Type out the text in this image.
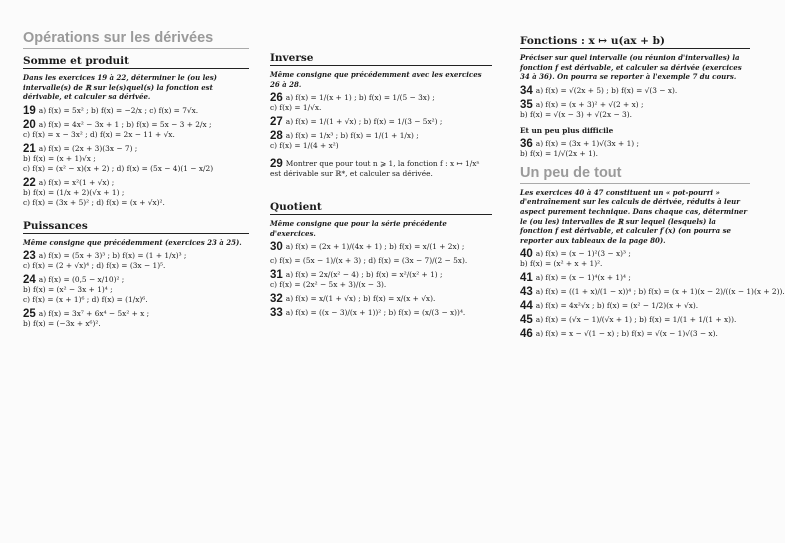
Opérations sur les dérivées
Somme et produit

Dans les exercices 19 à 22, déterminer le (ou les) intervalle(s) de ℝ sur le(s)quel(s) la fonction est dérivable, et calculer sa dérivée.

19 a) f(x) = 5x² ; b) f(x) = −2/x ; c) f(x) = 7√x.
20 a) f(x) = 4x² − 3x + 1 ; b) f(x) = 5x − 3 + 2/x ;
c) f(x) = x − 3x² ; d) f(x) = 2x − 11 + √x.
21 a) f(x) = (2x + 3)(3x − 7) ;
b) f(x) = (x + 1)√x ;
c) f(x) = (x² − x)(x + 2) ; d) f(x) = (5x − 4)(1 − x/2)
22 a) f(x) = x²(1 + √x) ;
b) f(x) = (1/x + 2)(√x + 1) ;
c) f(x) = (3x + 5)² ; d) f(x) = (x + √x)².
Puissances

Même consigne que précédemment (exercices 23 à 25).

23 a) f(x) = (5x + 3)³ ; b) f(x) = (1 + 1/x)³ ;
c) f(x) = (2 + √x)⁴ ; d) f(x) = (3x − 1)⁵.
24 a) f(x) = (0,5 − x/10)² ;
b) f(x) = (x² − 3x + 1)⁴ ;
c) f(x) = (x + 1)⁶ ; d) f(x) = (1/x)⁶.
25 a) f(x) = 3x⁷ + 6x⁴ − 5x² + x ;
b) f(x) = (−3x + x⁶)².
Inverse

Même consigne que précédemment avec les exercices 26 à 28.

26 a) f(x) = 1/(x + 1) ; b) f(x) = 1/(5 − 3x) ;
c) f(x) = 1/√x.
27 a) f(x) = 1/(1 + √x) ; b) f(x) = 1/(3 − 5x²) ;
28 a) f(x) = 1/x³ ; b) f(x) = 1/(1 + 1/x) ;
c) f(x) = 1/(4 + x²)
29 Montrer que pour tout n ⩾ 1, la fonction f : x ↦ 1/xⁿ est dérivable sur ℝ*, et calculer sa dérivée.
Quotient

Même consigne que pour la série précédente d'exercices.

30 a) f(x) = (2x + 1)/(4x + 1) ; b) f(x) = x/(1 + 2x) ;
c) f(x) = (5x − 1)/(x + 3) ; d) f(x) = (3x − 7)/(2 − 5x).
31 a) f(x) = 2x/(x² − 4) ; b) f(x) = x²/(x² + 1) ;
c) f(x) = (2x² − 5x + 3)/(x − 3).
32 a) f(x) = x/(1 + √x) ; b) f(x) = x/(x + √x).
33 a) f(x) = ((x − 3)/(x + 1))² ; b) f(x) = (x/(3 − x))⁴.
Fonctions : x ↦ u(ax + b)

Préciser sur quel intervalle (ou réunion d'intervalles) la fonction f est dérivable, et calculer sa dérivée (exercices 34 à 36). On pourra se reporter à l'exemple 7 du cours.

34 a) f(x) = √(2x + 5) ; b) f(x) = √(3 − x).
35 a) f(x) = (x + 3)² + √(2 + x) ;
b) f(x) = √(x − 3) + √(2x − 3).
Et un peu plus difficile
36 a) f(x) = (3x + 1)√(3x + 1) ;
b) f(x) = 1/√(2x + 1).
Un peu de tout

Les exercices 40 à 47 constituent un « pot-pourri » d'entraînement sur les calculs de dérivée, réduits à leur aspect purement technique. Dans chaque cas, déterminer le (ou les) intervalles de ℝ sur lequel (lesquels) la fonction f est dérivable, et calculer f′(x) (on pourra se reporter aux tableaux de la page 80).

40 a) f(x) = (x − 1)²(3 − x)³ ;
b) f(x) = (x² + x + 1)².
41 a) f(x) = (x − 1)⁴(x + 1)⁴ ;
43 a) f(x) = ((1 + x)/(1 − x))⁴ ; b) f(x) = (x + 1)(x − 2)/((x − 1)(x + 2)).
44 a) f(x) = 4x²√x ; b) f(x) = (x² − 1/2)(x + √x).
45 a) f(x) = (√x − 1)/(√x + 1) ; b) f(x) = 1/(1 + 1/(1 + x)).
46 a) f(x) = x − √(1 − x) ; b) f(x) = √(x − 1)√(3 − x).
